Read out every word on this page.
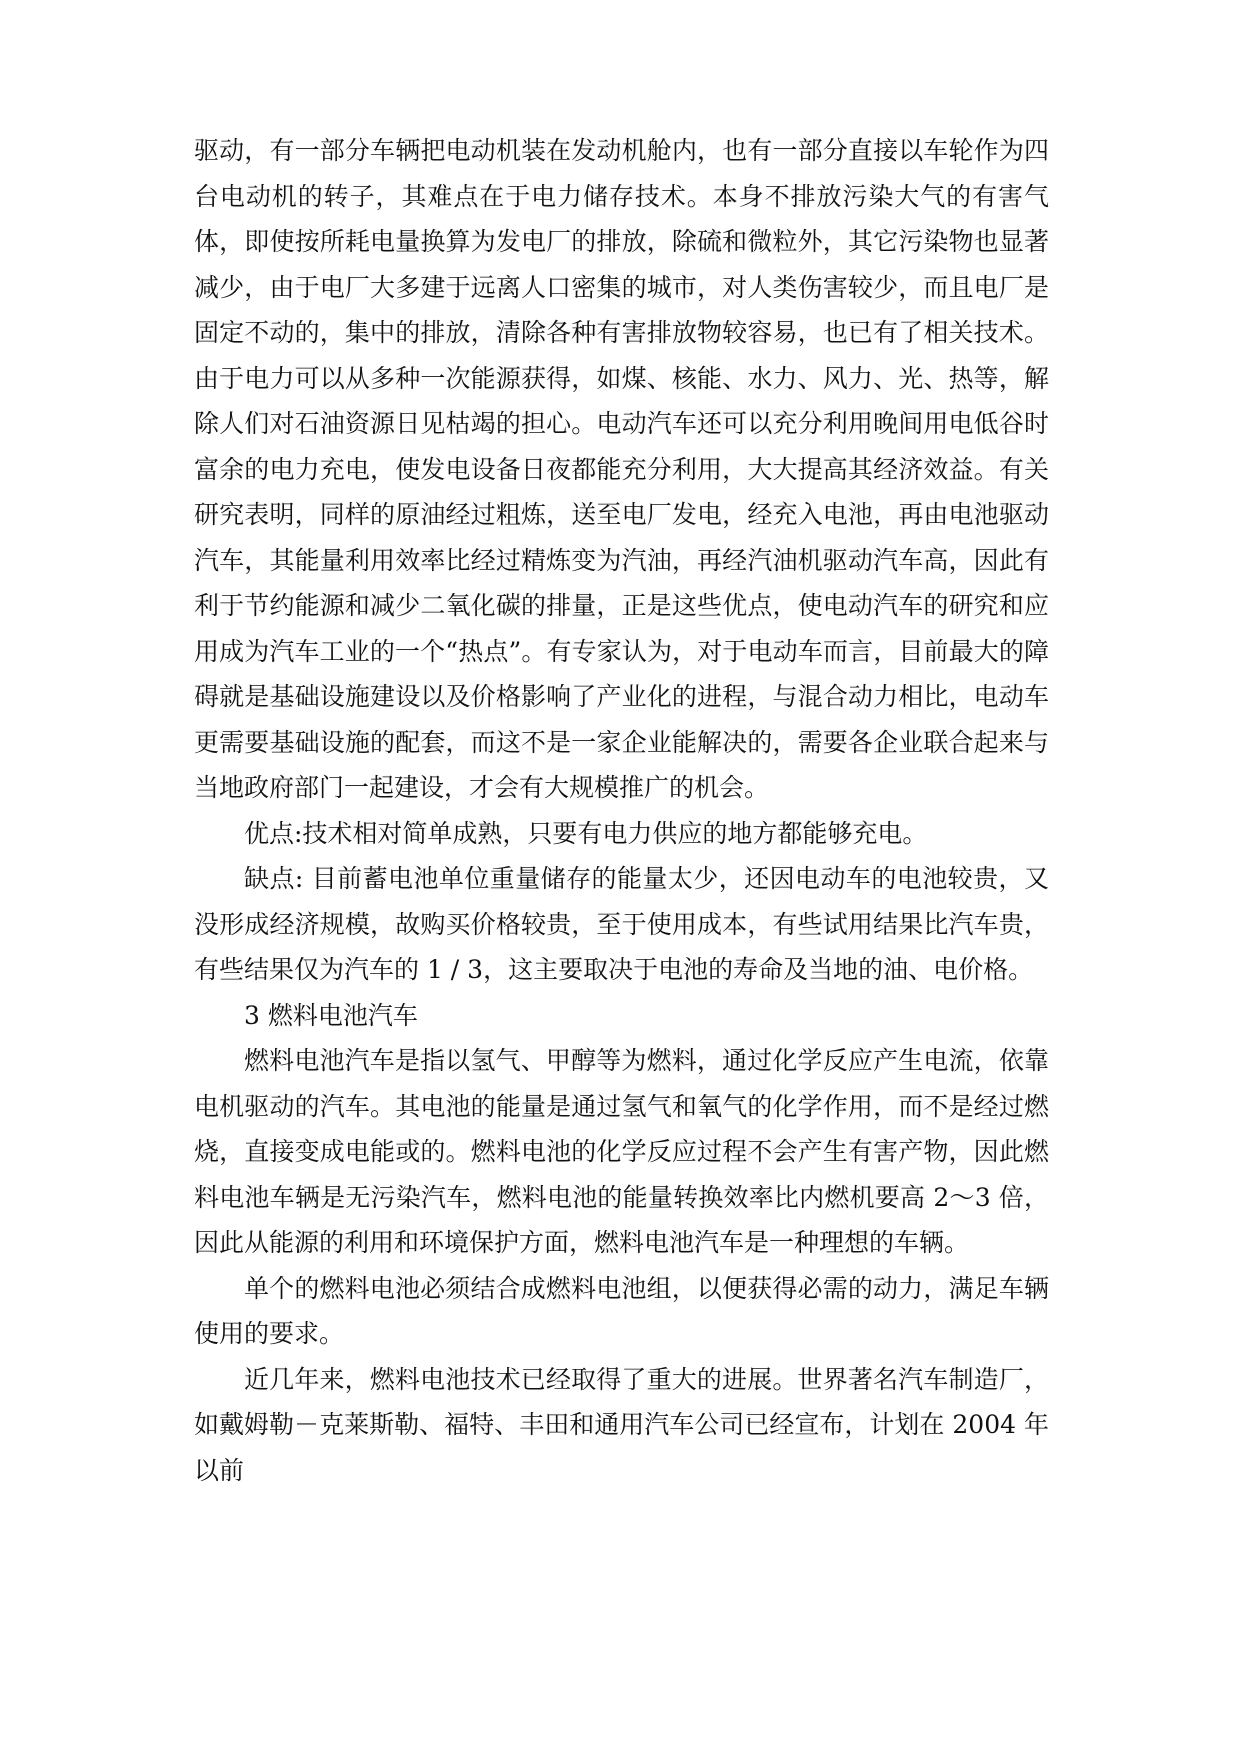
驱动，有一部分车辆把电动机装在发动机舱内，也有一部分直接以车轮作为四台电动机的转子，其难点在于电力储存技术。本身不排放污染大气的有害气体，即使按所耗电量换算为发电厂的排放，除硫和微粒外，其它污染物也显著减少，由于电厂大多建于远离人口密集的城市，对人类伤害较少，而且电厂是固定不动的，集中的排放，清除各种有害排放物较容易，也已有了相关技术。由于电力可以从多种一次能源获得，如煤、核能、水力、风力、光、热等，解除人们对石油资源日见枯竭的担心。电动汽车还可以充分利用晚间用电低谷时富余的电力充电，使发电设备日夜都能充分利用，大大提高其经济效益。有关研究表明，同样的原油经过粗炼，送至电厂发电，经充入电池，再由电池驱动汽车，其能量利用效率比经过精炼变为汽油，再经汽油机驱动汽车高，因此有利于节约能源和减少二氧化碳的排量，正是这些优点，使电动汽车的研究和应用成为汽车工业的一个“热点”。有专家认为，对于电动车而言，目前最大的障碍就是基础设施建设以及价格影响了产业化的进程，与混合动力相比，电动车更需要基础设施的配套，而这不是一家企业能解决的，需要各企业联合起来与当地政府部门一起建设，才会有大规模推广的机会。

优点:技术相对简单成熟，只要有电力供应的地方都能够充电。

缺点: 目前蓄电池单位重量储存的能量太少，还因电动车的电池较贵，又没形成经济规模，故购买价格较贵，至于使用成本，有些试用结果比汽车贵，有些结果仅为汽车的 1 / 3，这主要取决于电池的寿命及当地的油、电价格。

3 燃料电池汽车

燃料电池汽车是指以氢气、甲醇等为燃料，通过化学反应产生电流，依靠电机驱动的汽车。其电池的能量是通过氢气和氧气的化学作用，而不是经过燃烧，直接变成电能或的。燃料电池的化学反应过程不会产生有害产物，因此燃料电池车辆是无污染汽车，燃料电池的能量转换效率比内燃机要高 2～3 倍，因此从能源的利用和环境保护方面，燃料电池汽车是一种理想的车辆。

单个的燃料电池必须结合成燃料电池组，以便获得必需的动力，满足车辆使用的要求。

近几年来，燃料电池技术已经取得了重大的进展。世界著名汽车制造厂，如戴姆勒－克莱斯勒、福特、丰田和通用汽车公司已经宣布，计划在 2004 年以前
